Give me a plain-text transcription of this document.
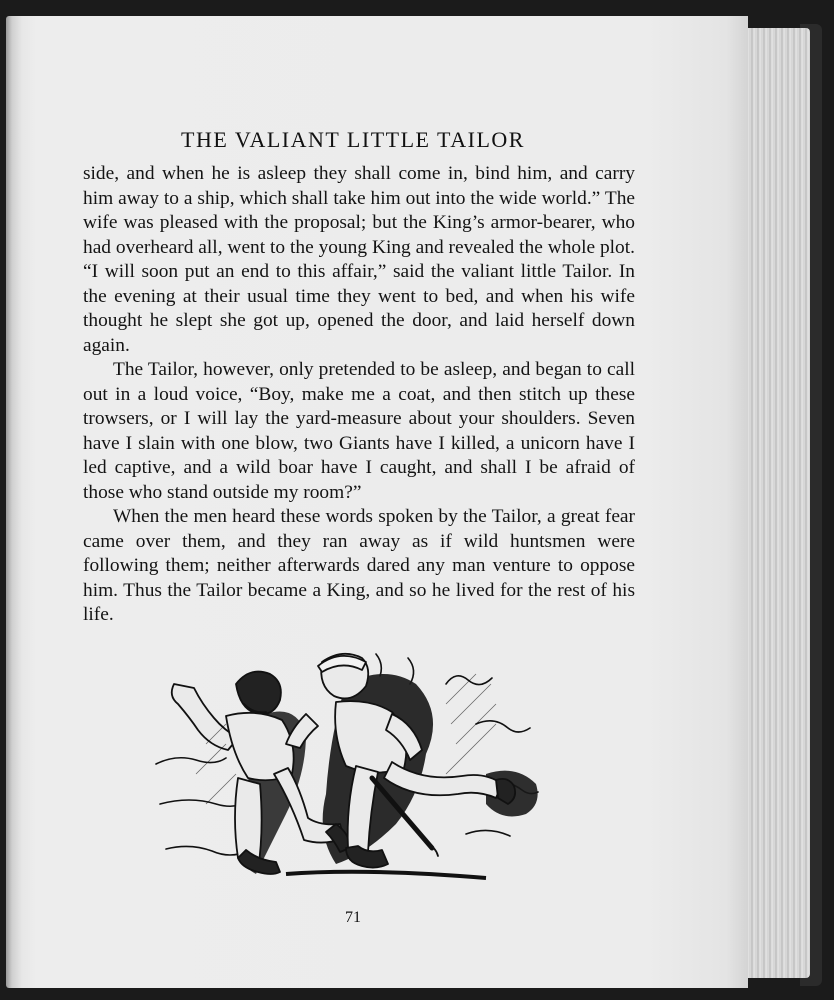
THE VALIANT LITTLE TAILOR

side, and when he is asleep they shall come in, bind him, and carry him away to a ship, which shall take him out into the wide world.” The wife was pleased with the proposal; but the King’s armor-bearer, who had overheard all, went to the young King and revealed the whole plot. “I will soon put an end to this affair,” said the valiant little Tailor. In the evening at their usual time they went to bed, and when his wife thought he slept she got up, opened the door, and laid herself down again.

The Tailor, however, only pretended to be asleep, and began to call out in a loud voice, “Boy, make me a coat, and then stitch up these trowsers, or I will lay the yard-measure about your shoulders. Seven have I slain with one blow, two Giants have I killed, a unicorn have I led captive, and a wild boar have I caught, and shall I be afraid of those who stand outside my room?”

When the men heard these words spoken by the Tailor, a great fear came over them, and they ran away as if wild huntsmen were following them; neither afterwards dared any man venture to oppose him. Thus the Tailor became a King, and so he lived for the rest of his life.

71
